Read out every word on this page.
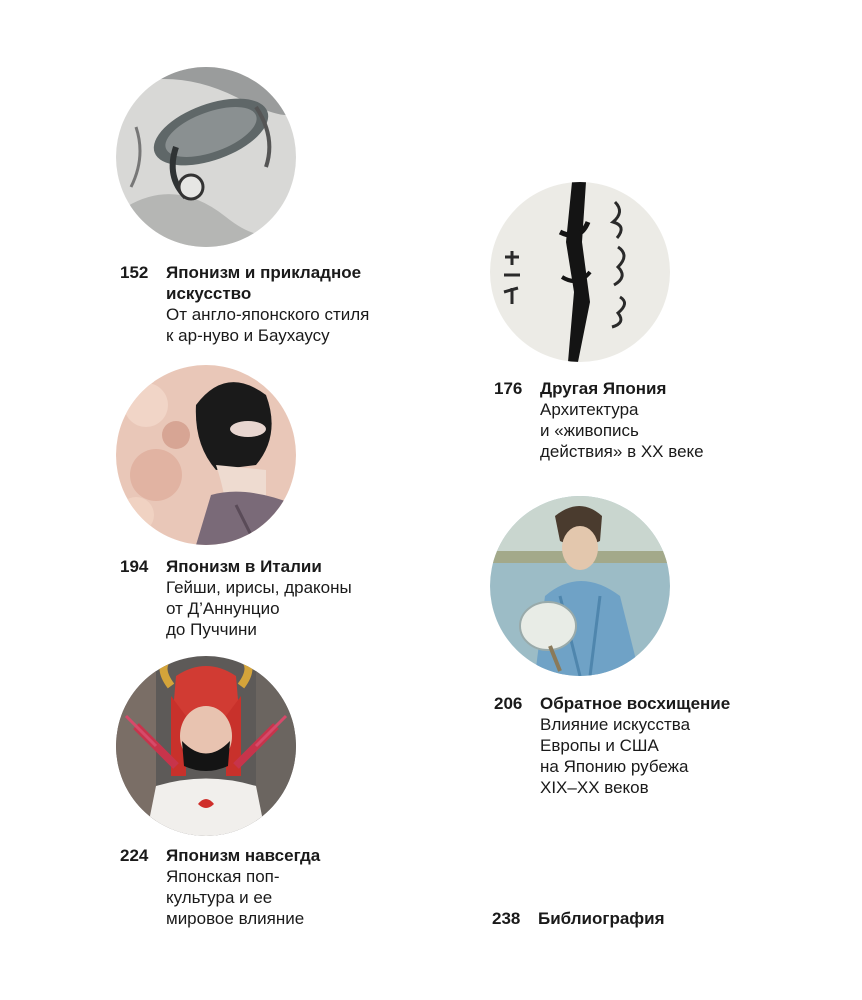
152 Японизм и прикладное
искусство
От англо-японского стиля
к ар-нуво и Баухаусу
176 Другая Япония
Архитектура
и «живопись
действия» в XX веке
194 Японизм в Италии
Гейши, ирисы, драконы
от Д’Аннунцио
до Пуччини
206 Обратное восхищение
Влияние искусства
Европы и США
на Японию рубежа
XIX–XX веков
224 Японизм навсегда
Японская поп-
культура и ее
мировое влияние	238 Библиография
